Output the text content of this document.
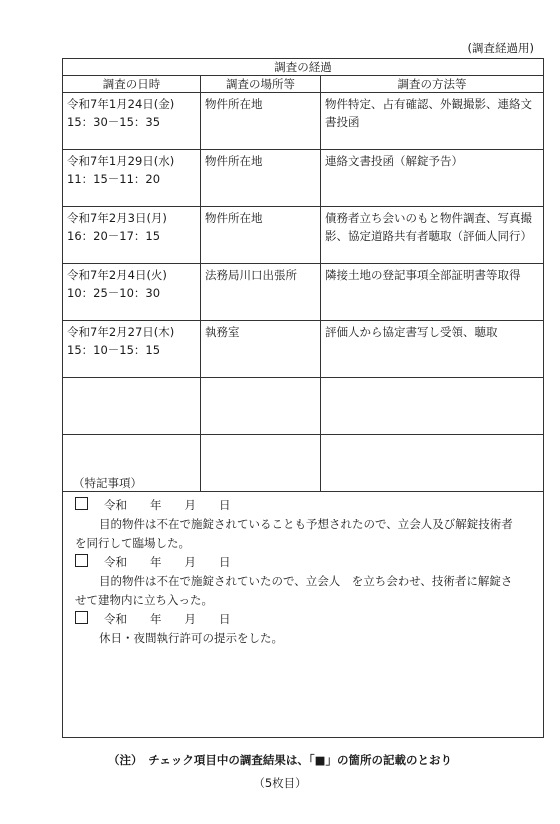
(調査経過用)
調査の経過		
調査の日時	調査の場所等	調査の方法等

令和7年1月24日(金)
15：30－15：35	物件所在地	物件特定、占有確認、外観撮影、連絡文書投函

令和7年1月29日(水)
11：15－11：20	物件所在地	連絡文書投函（解錠予告）

令和7年2月3日(月)
16：20－17：15	物件所在地	債務者立ち会いのもと物件調査、写真撮影、協定道路共有者聴取（評価人同行）

令和7年2月4日(火)
10：25－10：30	法務局川口出張所	隣接土地の登記事項全部証明書等取得

令和7年2月27日(木)
15：10－15：15	執務室	評価人から協定書写し受領、聴取

（特記事項）
令和　　年　　月　　日
目的物件は不在で施錠されていることも予想されたので、立会人及び解錠技術者
を同行して臨場した。
令和　　年　　月　　日
目的物件は不在で施錠されていたので、立会人　を立ち会わせ、技術者に解錠さ
せて建物内に立ち入った。
令和　　年　　月　　日
休日・夜間執行許可の提示をした。
（注）　チェック項目中の調査結果は、「■」の箇所の記載のとおり
（5枚目）
